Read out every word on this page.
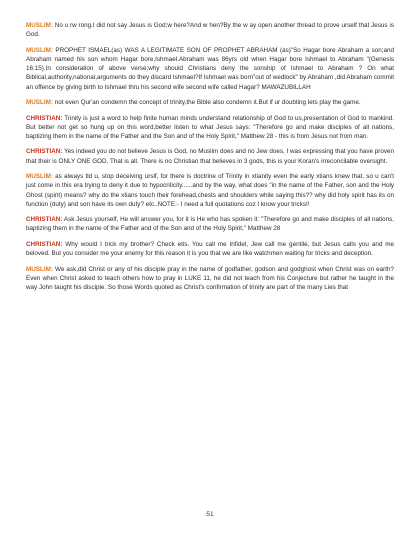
MUSLIM: No u rw rong.I did not say Jesus is God;w here?And w hen?By the w ay open another thread to prove urself that Jesus is God.

MUSLIM: PROPHET ISMAEL(as) WAS A LEGITIMATE SON OF PROPHET ABRAHAM (as)"So Hagar bore Abraham a son;and Abraham named his son whom Hagar bore,Ishmael.Abraham was 86yrs old when Hagar bore Ishmael to Abraham "(Genesis 16:15).In consideration of above verse;why should Christians deny the sonship of Ishmael to Abraham ? On what Biblical,authority,national,arguments do they discard Ishmael?If Ishmael was born"out of wedlock" by Abraham ,did Abraham commit an offence by giving birth to Ishmael thru his second wife second wife called Hagar? MAWAZUBILLAH

MUSLIM: not even Qur'an condemn the concept of trinity,the Bible also condemn it.But if ur doubting lets play the game.

CHRISTIAN: Trinity is just a word to help finite human minds understand relationship of God to us,presentation of God to mankind. But better not get so hung up on this word,better listen to what Jesus says: "Therefore go and make disciples of all nations, baptizing them in the name of the Father and the Son and of the Holy Spirit," Matthew 28 - this is from Jesus not from man.

CHRISTIAN: Yes indeed you do not believe Jesus is God, no Muslim does and no Jew does, I was expressing that you have proven that their is ONLY ONE GOD. That is all. There is no Christian that believes in 3 gods, this is your Koran's irreconcilable oversight.

MUSLIM: as always tld u, stop deceiving urslf, for there is doctrine of Trinity in xtianity even the early xtians knew that. so u can't just come in this era trying to deny it due to hypocriticity......and by the way, what does "in the name of the Father, son and the Holy Ghost (spirit) means? why do the xtians touch their forehead,chests and shoulders while saying this?? why did holy spirit has its on function (duty) and son have its own duty? etc..NOTE:- I need a full quotations coz I know your tricks!!

CHRISTIAN: Ask Jesus yourself, He will answer you, for it is He who has spoken it: "Therefore go and make disciples of all nations, baptizing them in the name of the Father and of the Son and of the Holy Spirit," Matthew 28

CHRISTIAN: Why would I trick my brother? Check etis. You call me Infidel, Jew call me gentile, but Jesus calls you and me beloved. But you consider me your enemy for this reason it is you that we are like watchmen waiting for tricks and deception.

MUSLIM: We ask,did Christ or any of his disciple pray in the name of godfather, godson and godghost when Christ was on earth? Even when Christ asked to teach others how to pray in LUKE 11, he did not teach from his Conjecture but rather he taught in the way John taught his disciple. So those Words quoted as Christ's confirmation of trinity are part of the many Lies that

51
